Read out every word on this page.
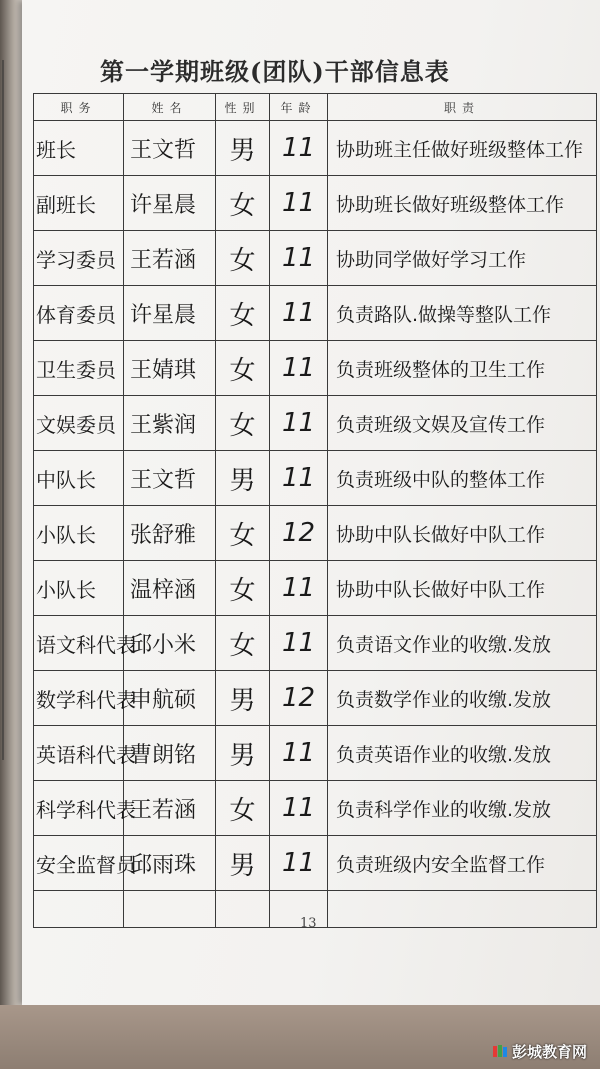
第一学期班级(团队)干部信息表
职务	姓名	性别	年龄	职责
班长	王文哲	男	11	协助班主任做好班级整体工作
副班长	许星晨	女	11	协助班长做好班级整体工作
学习委员	王若涵	女	11	协助同学做好学习工作
体育委员	许星晨	女	11	负责路队.做操等整队工作
卫生委员	王婧琪	女	11	负责班级整体的卫生工作
文娱委员	王紫润	女	11	负责班级文娱及宣传工作
中队长	王文哲	男	11	负责班级中队的整体工作
小队长	张舒雅	女	12	协助中队长做好中队工作
小队长	温梓涵	女	11	协助中队长做好中队工作
语文科代表	邱小米	女	11	负责语文作业的收缴.发放
数学科代表	申航硕	男	12	负责数学作业的收缴.发放
英语科代表	曹朗铭	男	11	负责英语作业的收缴.发放
科学科代表	王若涵	女	11	负责科学作业的收缴.发放
安全监督员	邱雨珠	男	11	负责班级内安全监督工作

13
彭城教育网
